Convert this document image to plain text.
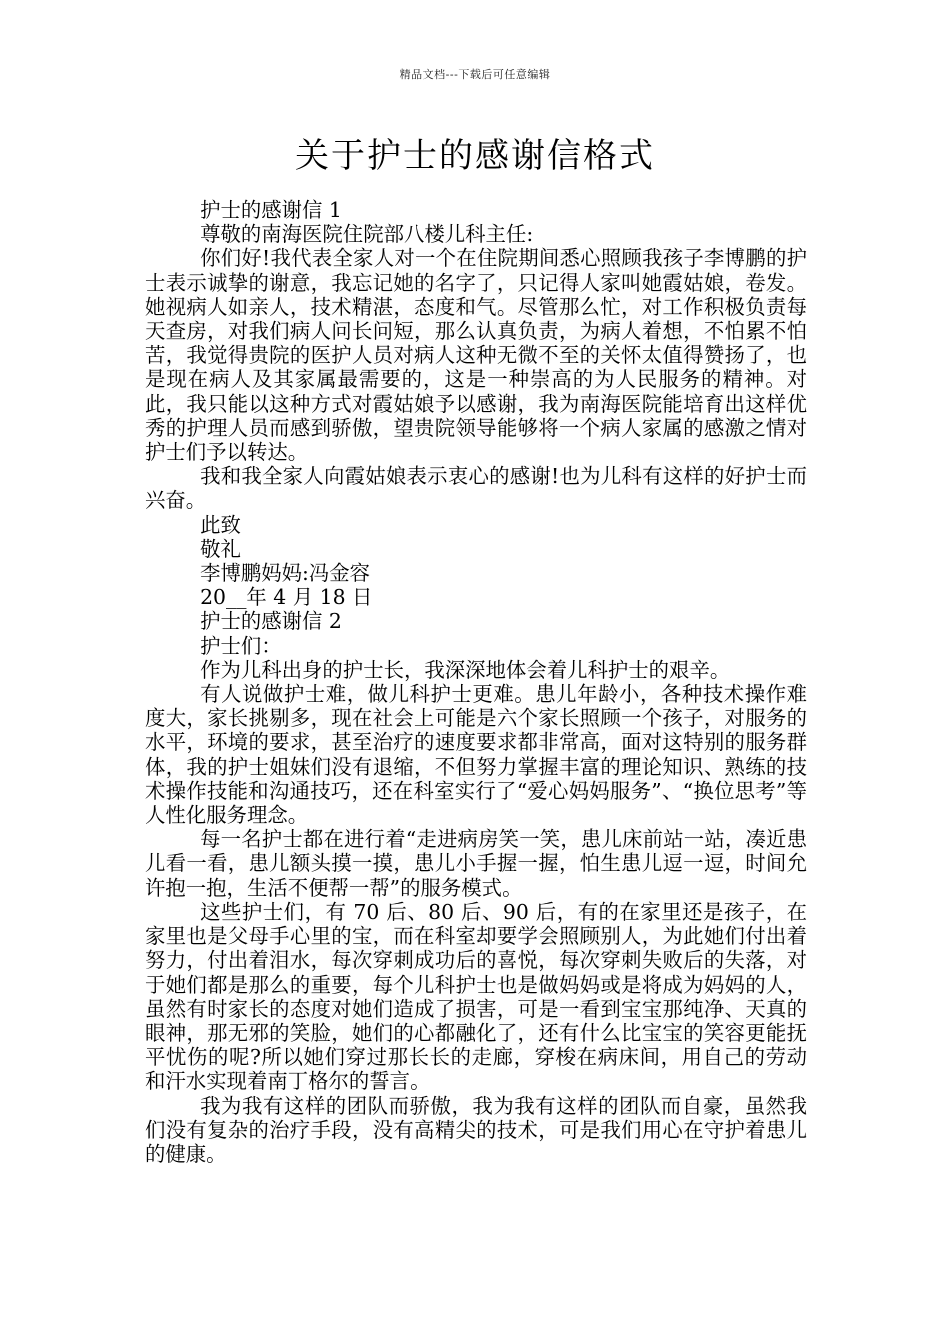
精品文档---下载后可任意编辑
关于护士的感谢信格式

护士的感谢信 1

尊敬的南海医院住院部八楼儿科主任:

你们好!我代表全家人对一个在住院期间悉心照顾我孩子李博鹏的护士表示诚挚的谢意，我忘记她的名字了，只记得人家叫她霞姑娘，卷发。她视病人如亲人，技术精湛，态度和气。尽管那么忙，对工作积极负责每天查房，对我们病人问长问短，那么认真负责，为病人着想，不怕累不怕苦，我觉得贵院的医护人员对病人这种无微不至的关怀太值得赞扬了，也是现在病人及其家属最需要的，这是一种崇高的为人民服务的精神。对此，我只能以这种方式对霞姑娘予以感谢，我为南海医院能培育出这样优秀的护理人员而感到骄傲，望贵院领导能够将一个病人家属的感激之情对护士们予以转达。

我和我全家人向霞姑娘表示衷心的感谢!也为儿科有这样的好护士而兴奋。

此致

敬礼

李博鹏妈妈:冯金容

20__年 4 月 18 日

护士的感谢信 2

护士们：

作为儿科出身的护士长，我深深地体会着儿科护士的艰辛。

有人说做护士难，做儿科护士更难。患儿年龄小，各种技术操作难度大，家长挑剔多，现在社会上可能是六个家长照顾一个孩子，对服务的水平，环境的要求，甚至治疗的速度要求都非常高，面对这特别的服务群体，我的护士姐妹们没有退缩，不但努力掌握丰富的理论知识、熟练的技术操作技能和沟通技巧，还在科室实行了“爱心妈妈服务”、“换位思考”等人性化服务理念。

每一名护士都在进行着“走进病房笑一笑，患儿床前站一站，凑近患儿看一看，患儿额头摸一摸，患儿小手握一握，怕生患儿逗一逗，时间允许抱一抱，生活不便帮一帮”的服务模式。

这些护士们，有 70 后、80 后、90 后，有的在家里还是孩子，在家里也是父母手心里的宝，而在科室却要学会照顾别人，为此她们付出着努力，付出着泪水，每次穿刺成功后的喜悦，每次穿刺失败后的失落，对于她们都是那么的重要，每个儿科护士也是做妈妈或是将成为妈妈的人，虽然有时家长的态度对她们造成了损害，可是一看到宝宝那纯净、天真的眼神，那无邪的笑脸，她们的心都融化了，还有什么比宝宝的笑容更能抚平忧伤的呢?所以她们穿过那长长的走廊，穿梭在病床间，用自己的劳动和汗水实现着南丁格尔的誓言。

我为我有这样的团队而骄傲，我为我有这样的团队而自豪，虽然我们没有复杂的治疗手段，没有高精尖的技术，可是我们用心在守护着患儿的健康。
